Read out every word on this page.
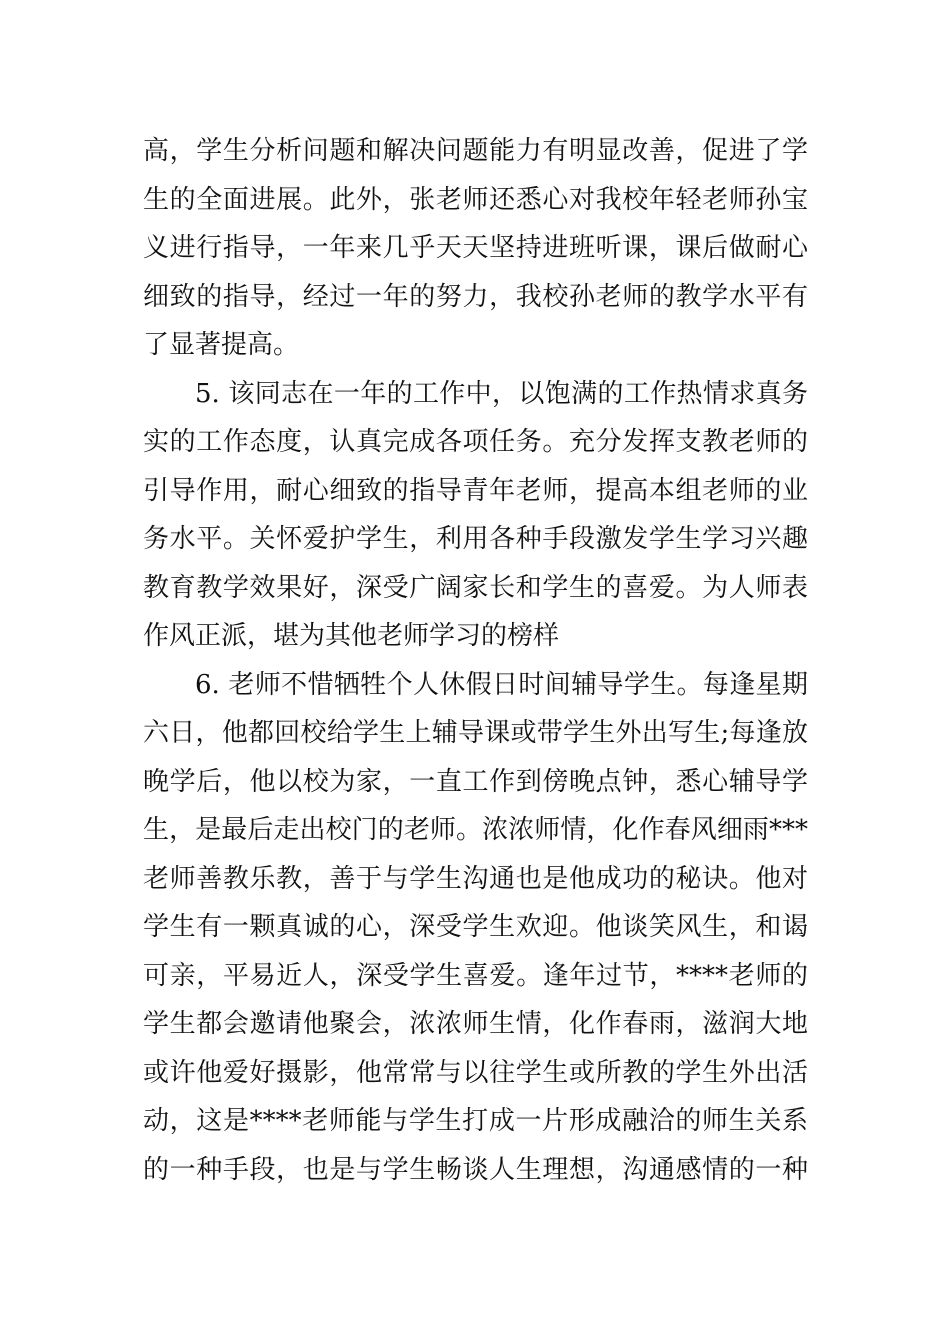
高，学生分析问题和解决问题能力有明显改善，促进了学
生的全面进展。此外，张老师还悉心对我校年轻老师孙宝
义进行指导，一年来几乎天天坚持进班听课，课后做耐心
细致的指导，经过一年的努力，我校孙老师的教学水平有
了显著提高。
5. 该同志在一年的工作中，以饱满的工作热情求真务
实的工作态度，认真完成各项任务。充分发挥支教老师的
引导作用，耐心细致的指导青年老师，提高本组老师的业
务水平。关怀爱护学生，利用各种手段激发学生学习兴趣
教育教学效果好，深受广阔家长和学生的喜爱。为人师表
作风正派，堪为其他老师学习的榜样
6. 老师不惜牺牲个人休假日时间辅导学生。每逢星期
六日，他都回校给学生上辅导课或带学生外出写生;每逢放
晚学后，他以校为家，一直工作到傍晚点钟，悉心辅导学
生，是最后走出校门的老师。浓浓师情，化作春风细雨***
老师善教乐教，善于与学生沟通也是他成功的秘诀。他对
学生有一颗真诚的心，深受学生欢迎。他谈笑风生，和谒
可亲，平易近人，深受学生喜爱。逢年过节，****老师的
学生都会邀请他聚会，浓浓师生情，化作春雨，滋润大地
或许他爱好摄影，他常常与以往学生或所教的学生外出活
动，这是****老师能与学生打成一片形成融洽的师生关系
的一种手段，也是与学生畅谈人生理想，沟通感情的一种
